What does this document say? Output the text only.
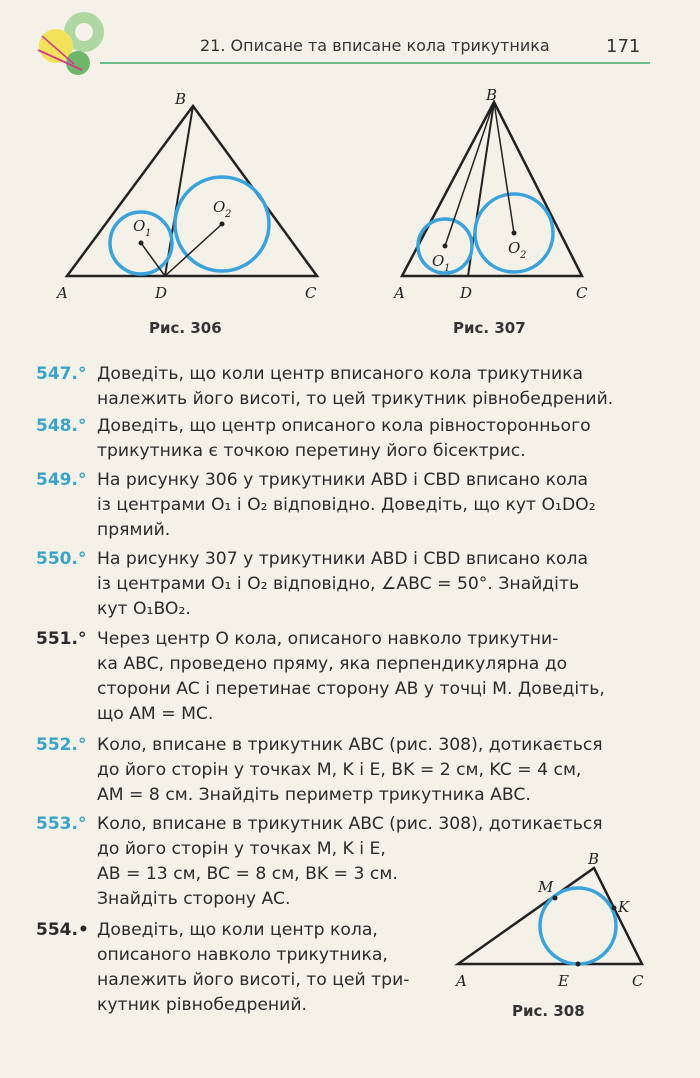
21. Описане та вписане кола трикутника	171
B
A	D	C
O 1
O 2
Рис. 306
B
A	D	C
O 1
O 2
Рис. 307
547.° Доведіть, що коли центр вписаного кола трикутника
належить його висоті, то цей трикутник рівнобедрений.
548.° Доведіть, що центр описаного кола рівностороннього
трикутника є точкою перетину його бісектрис.
549.° На рисунку 306 у трикутники ABD і CBD вписано кола
із центрами O₁ і O₂ відповідно. Доведіть, що кут O₁DO₂
прямий.
550.° На рисунку 307 у трикутники ABD і CBD вписано кола
із центрами O₁ і O₂ відповідно, ∠ABC = 50°. Знайдіть
кут O₁BO₂.
551.° Через центр O кола, описаного навколо трикутни-
ка ABC, проведено пряму, яка перпендикулярна до
сторони AC і перетинає сторону AB у точці M. Доведіть,
що AM = MC.
552.° Коло, вписане в трикутник ABC (рис. 308), дотикається
до його сторін у точках M, K і E, BK = 2 см, KC = 4 см,
AM = 8 см. Знайдіть периметр трикутника ABC.
553.° Коло, вписане в трикутник ABC (рис. 308), дотикається
до його сторін у точках M, K і E,
AB = 13 см, BC = 8 см, BK = 3 см.
Знайдіть сторону AC.
554.• Доведіть, що коли центр кола,
описаного навколо трикутника,
належить його висоті, то цей три-
кутник рівнобедрений.
B
M
K
A	E	C
Рис. 308
